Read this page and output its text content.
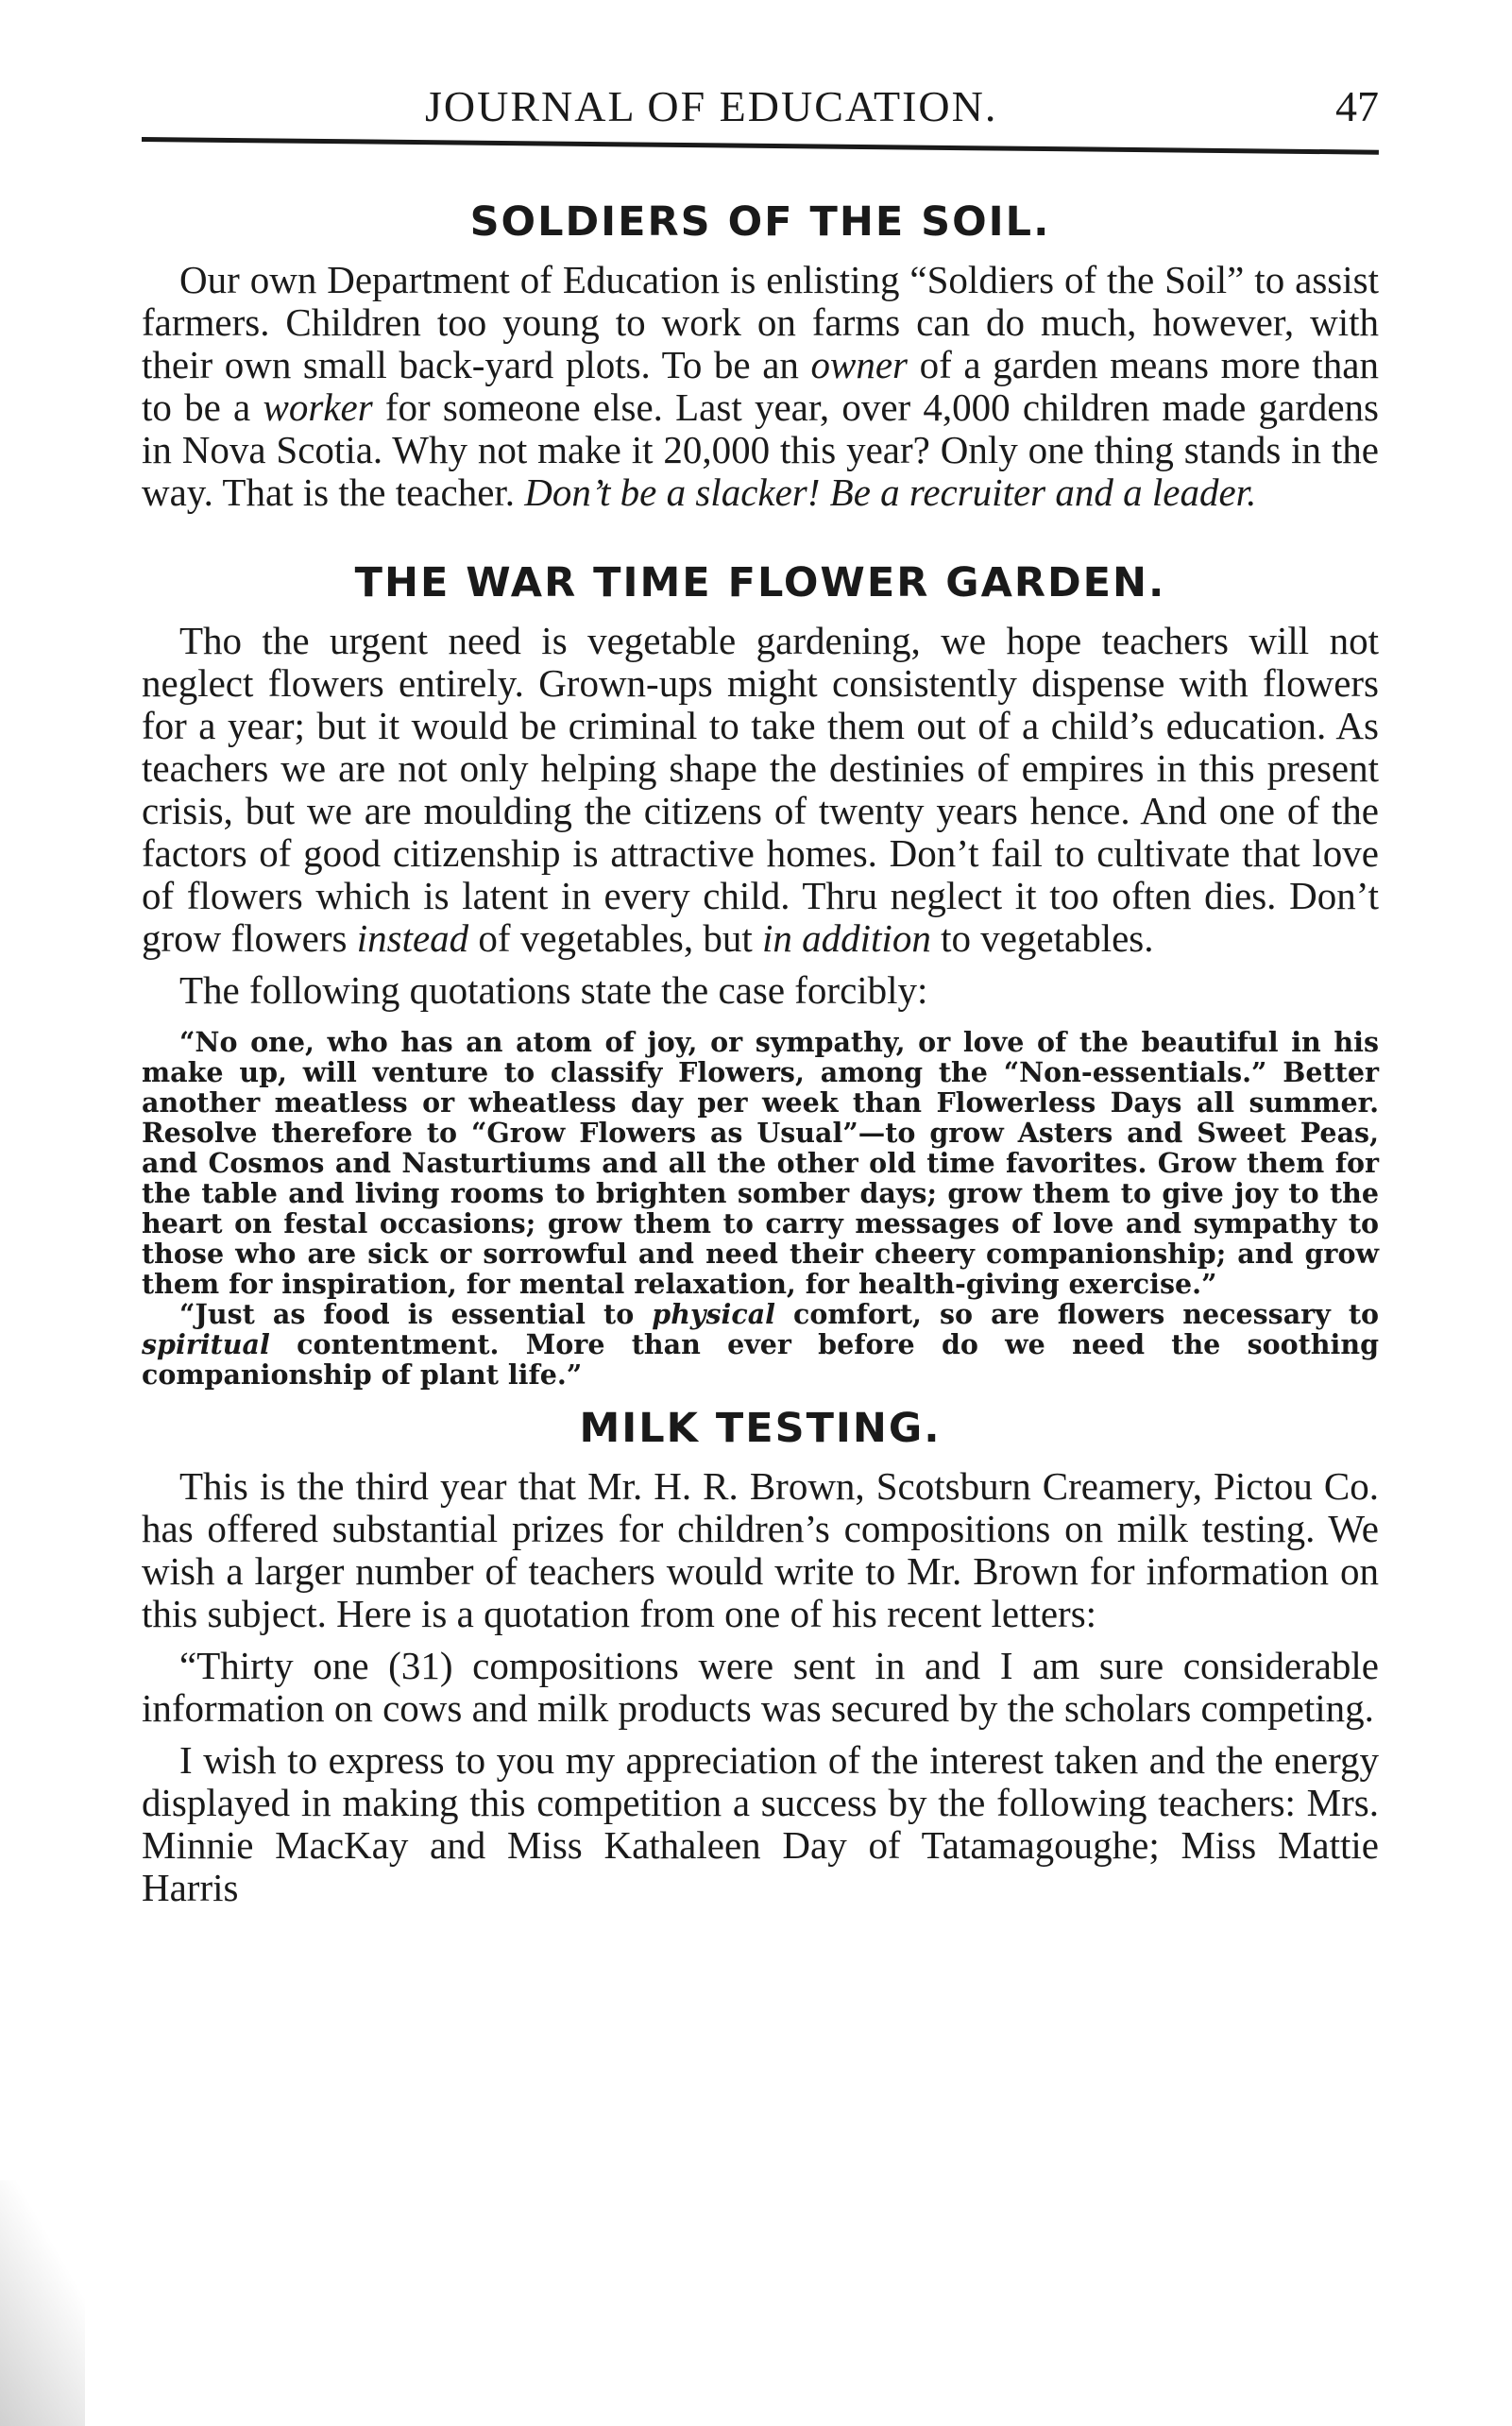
JOURNAL OF EDUCATION.	47
SOLDIERS OF THE SOIL.

Our own Department of Education is enlisting “Soldiers of the Soil” to assist farmers. Children too young to work on farms can do much, however, with their own small back-yard plots. To be an owner of a garden means more than to be a worker for someone else. Last year, over 4,000 children made gardens in Nova Scotia. Why not make it 20,000 this year? Only one thing stands in the way. That is the teacher. Don’t be a slacker! Be a recruiter and a leader.

THE WAR TIME FLOWER GARDEN.

Tho the urgent need is vegetable gardening, we hope teachers will not neglect flowers entirely. Grown-ups might consistently dispense with flowers for a year; but it would be criminal to take them out of a child’s education. As teachers we are not only helping shape the destinies of empires in this present crisis, but we are moulding the citizens of twenty years hence. And one of the factors of good citizenship is attractive homes. Don’t fail to cultivate that love of flowers which is latent in every child. Thru neglect it too often dies. Don’t grow flowers instead of vegetables, but in addition to vegetables.

The following quotations state the case forcibly:

“No one, who has an atom of joy, or sympathy, or love of the beautiful in his make up, will venture to classify Flowers, among the “Non-essentials.” Better another meatless or wheatless day per week than Flowerless Days all summer. Resolve therefore to “Grow Flowers as Usual”—to grow Asters and Sweet Peas, and Cosmos and Nasturtiums and all the other old time favorites. Grow them for the table and living rooms to brighten somber days; grow them to give joy to the heart on festal occasions; grow them to carry messages of love and sympathy to those who are sick or sorrowful and need their cheery companionship; and grow them for inspiration, for mental relaxation, for health-giving exercise.”

“Just as food is essential to physical comfort, so are flowers necessary to spiritual contentment. More than ever before do we need the soothing companionship of plant life.”

MILK TESTING.

This is the third year that Mr. H. R. Brown, Scotsburn Creamery, Pictou Co. has offered substantial prizes for children’s compositions on milk testing. We wish a larger number of teachers would write to Mr. Brown for information on this subject. Here is a quotation from one of his recent letters:

“Thirty one (31) compositions were sent in and I am sure considerable information on cows and milk products was secured by the scholars competing.

I wish to express to you my appreciation of the interest taken and the energy displayed in making this competition a success by the following teachers: Mrs. Minnie MacKay and Miss Kathaleen Day of Tatamagoughe; Miss Mattie Harris
